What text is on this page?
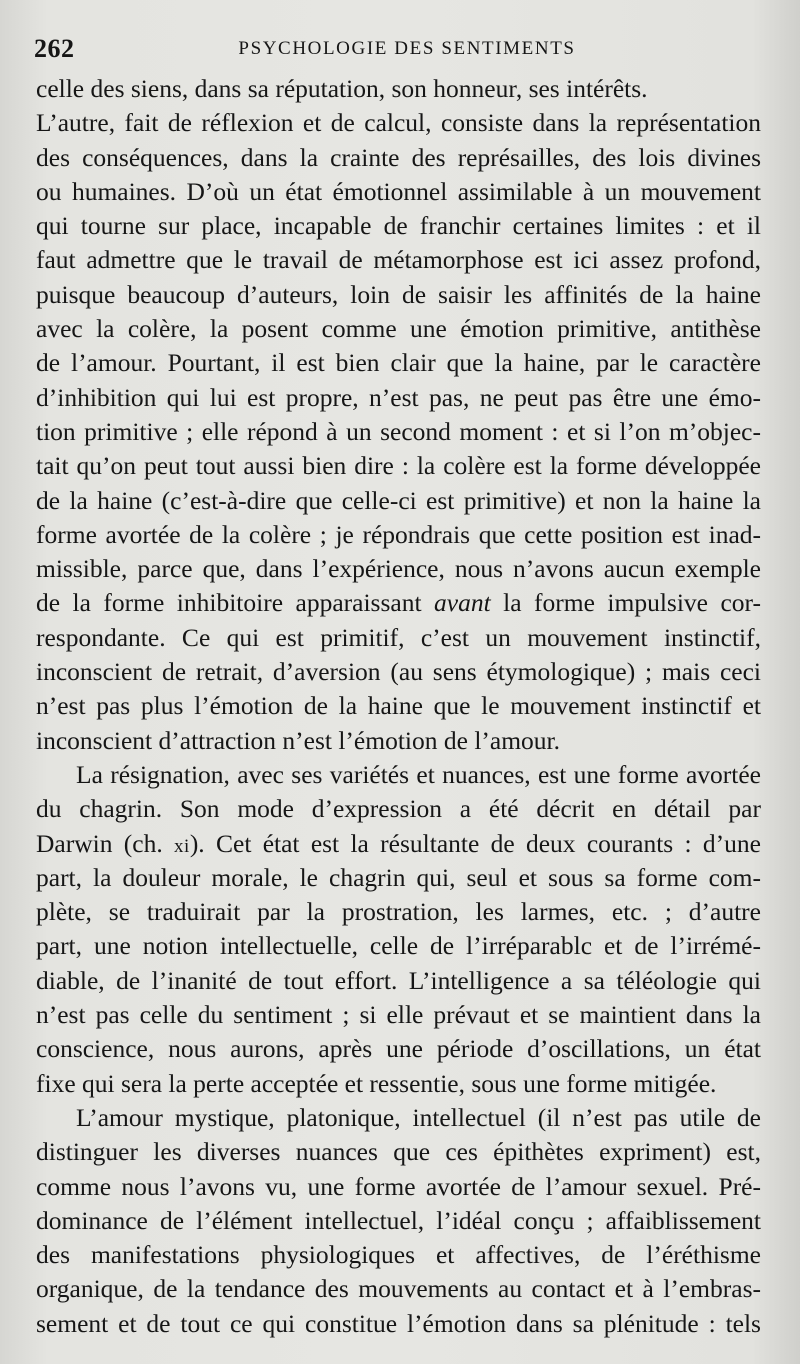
262	PSYCHOLOGIE DES SENTIMENTS
celle des siens, dans sa réputation, son honneur, ses intérêts.
L’autre, fait de réflexion et de calcul, consiste dans la représentation
des conséquences, dans la crainte des représailles, des lois divines
ou humaines. D’où un état émotionnel assimilable à un mouvement
qui tourne sur place, incapable de franchir certaines limites : et il
faut admettre que le travail de métamorphose est ici assez profond,
puisque beaucoup d’auteurs, loin de saisir les affinités de la haine
avec la colère, la posent comme une émotion primitive, antithèse
de l’amour. Pourtant, il est bien clair que la haine, par le caractère
d’inhibition qui lui est propre, n’est pas, ne peut pas être une émo-
tion primitive ; elle répond à un second moment : et si l’on m’objec-
tait qu’on peut tout aussi bien dire : la colère est la forme développée
de la haine (c’est-à-dire que celle-ci est primitive) et non la haine la
forme avortée de la colère ; je répondrais que cette position est inad-
missible, parce que, dans l’expérience, nous n’avons aucun exemple
de la forme inhibitoire apparaissant avant la forme impulsive cor-
respondante. Ce qui est primitif, c’est un mouvement instinctif,
inconscient de retrait, d’aversion (au sens étymologique) ; mais ceci
n’est pas plus l’émotion de la haine que le mouvement instinctif et
inconscient d’attraction n’est l’émotion de l’amour.
La résignation, avec ses variétés et nuances, est une forme avortée
du chagrin. Son mode d’expression a été décrit en détail par
Darwin (ch. xi). Cet état est la résultante de deux courants : d’une
part, la douleur morale, le chagrin qui, seul et sous sa forme com-
plète, se traduirait par la prostration, les larmes, etc. ; d’autre
part, une notion intellectuelle, celle de l’irréparablc et de l’irrémé-
diable, de l’inanité de tout effort. L’intelligence a sa téléologie qui
n’est pas celle du sentiment ; si elle prévaut et se maintient dans la
conscience, nous aurons, après une période d’oscillations, un état
fixe qui sera la perte acceptée et ressentie, sous une forme mitigée.
L’amour mystique, platonique, intellectuel (il n’est pas utile de
distinguer les diverses nuances que ces épithètes expriment) est,
comme nous l’avons vu, une forme avortée de l’amour sexuel. Pré-
dominance de l’élément intellectuel, l’idéal conçu ; affaiblissement
des manifestations physiologiques et affectives, de l’éréthisme
organique, de la tendance des mouvements au contact et à l’embras-
sement et de tout ce qui constitue l’émotion dans sa plénitude : tels
